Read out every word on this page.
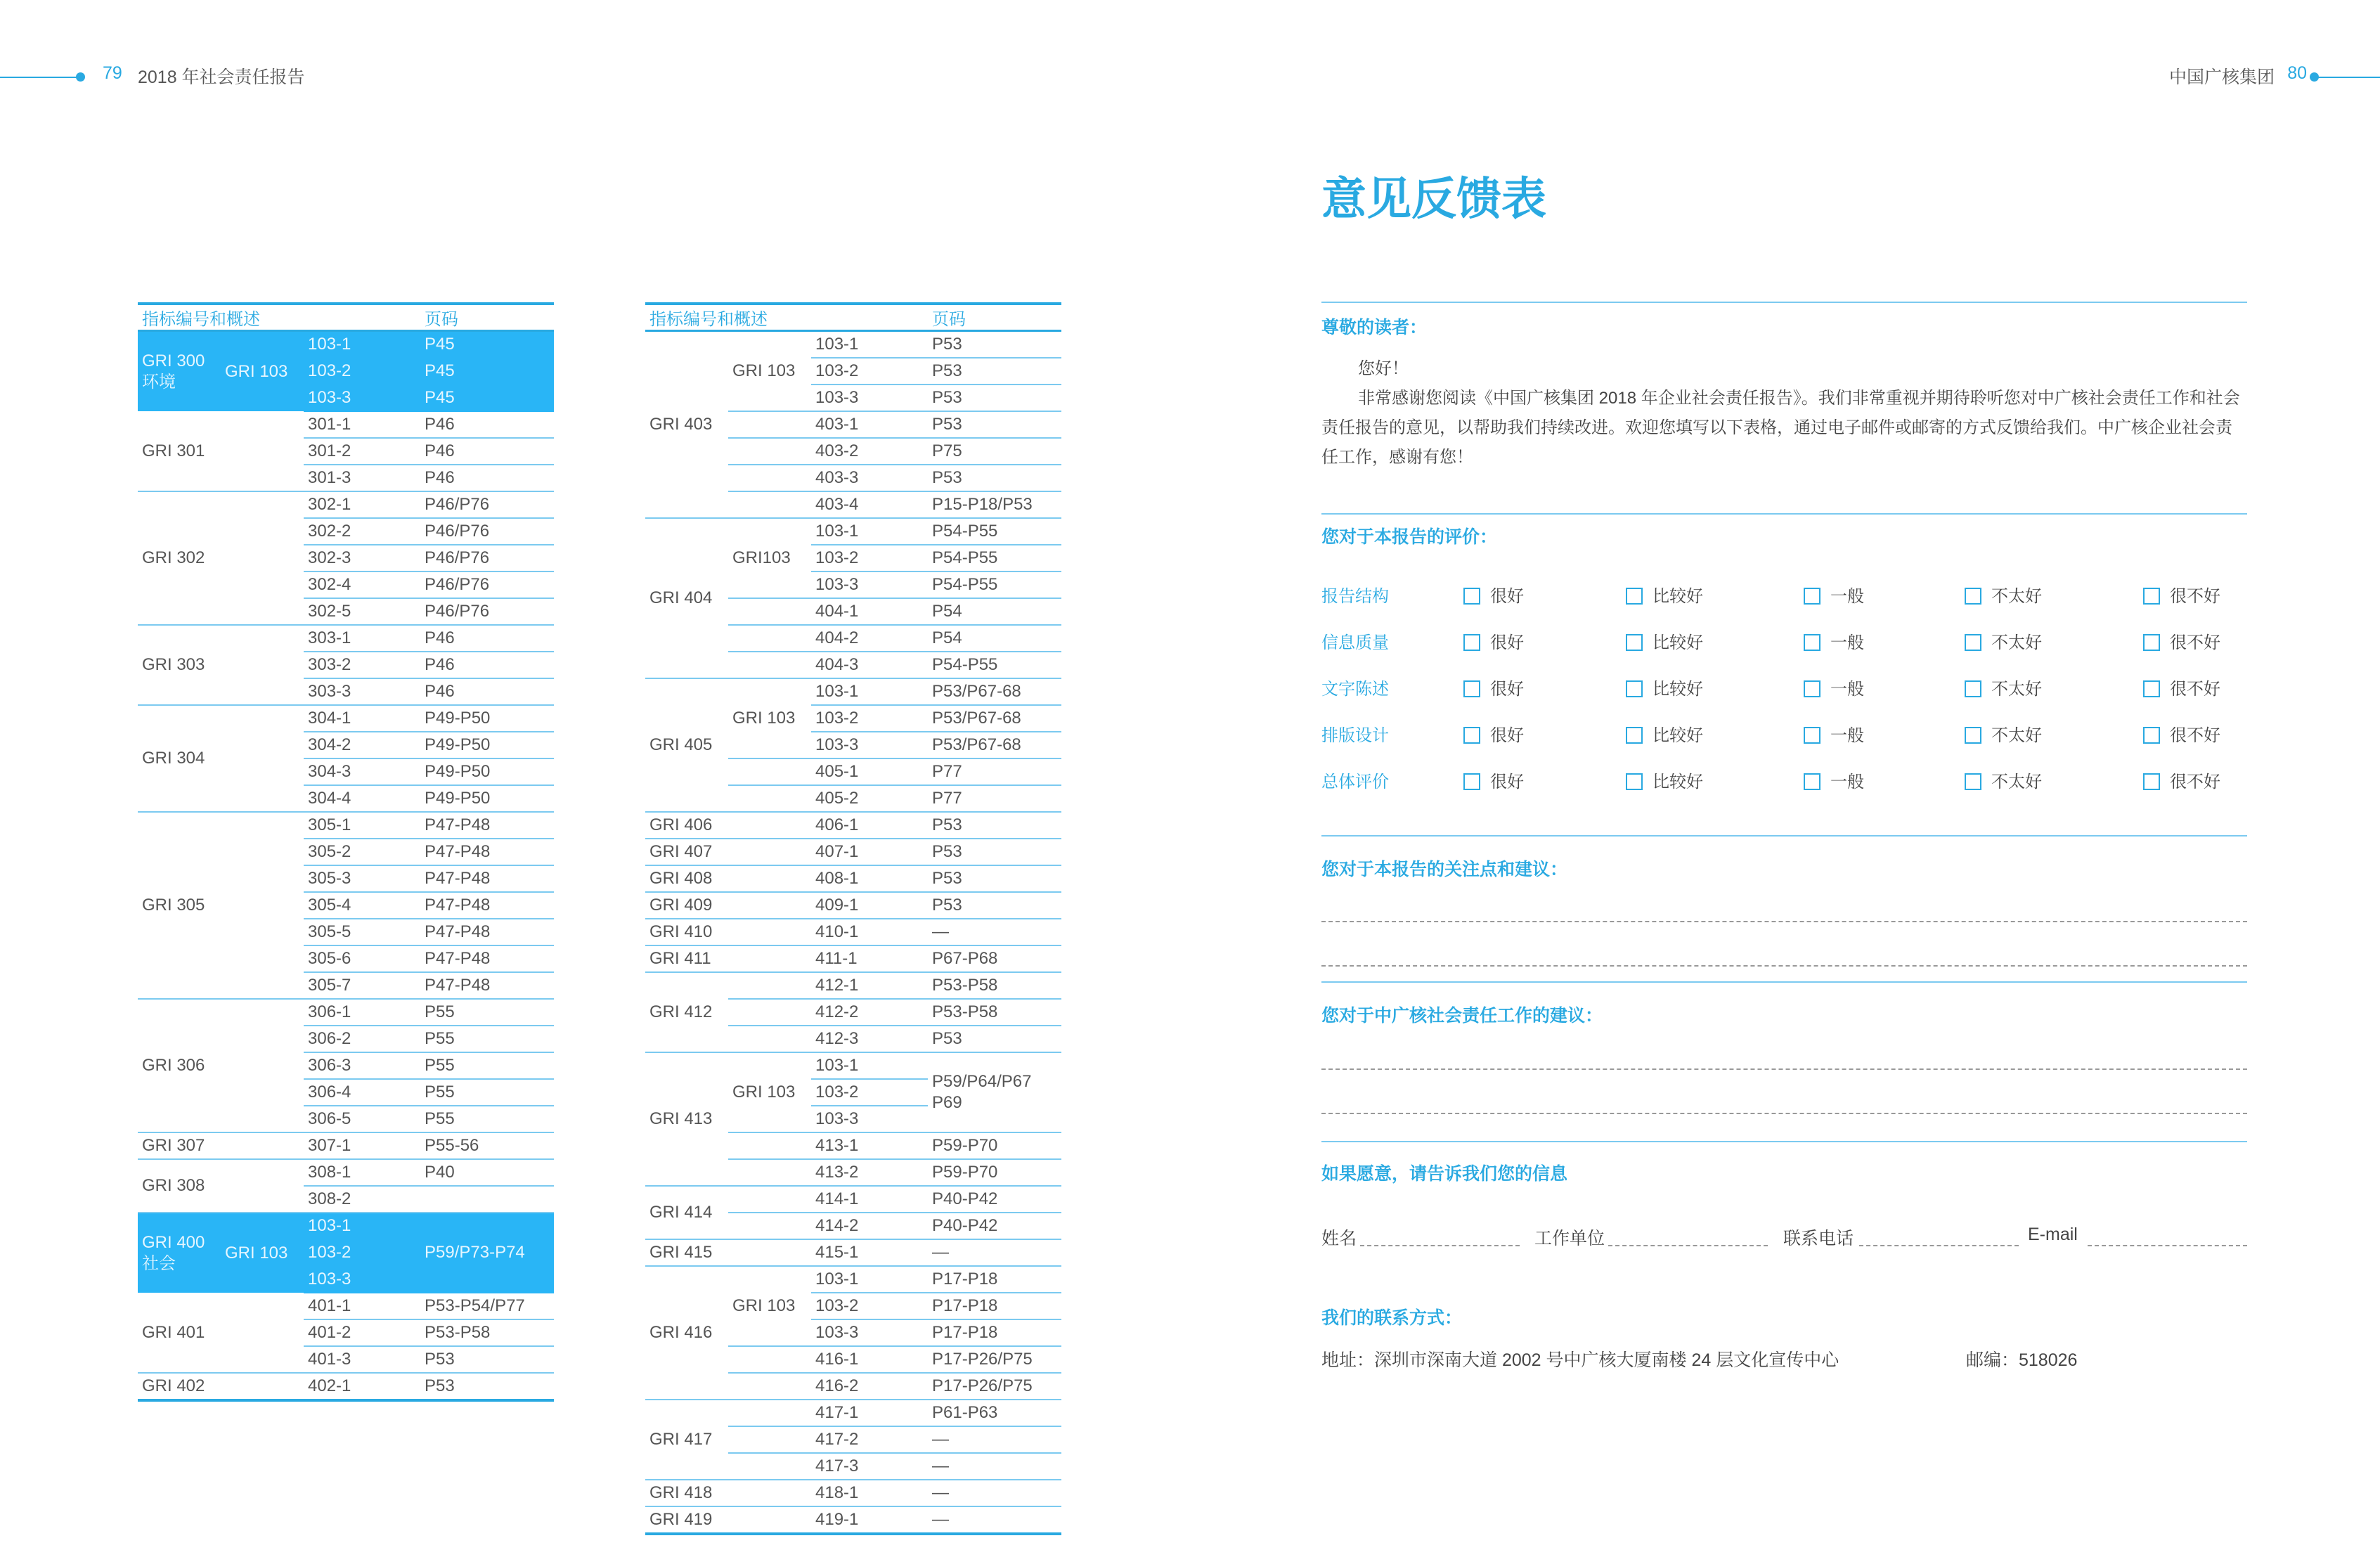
79 2018 年社会责任报告	中国广核集团 80
指标编号和概述			页码
GRI 300
环境	GRI 103	103-1	P45
		103-2	P45
		103-3	P45
GRI 301		301-1	P46
		301-2	P46
		301-3	P46
GRI 302		302-1	P46/P76
		302-2	P46/P76
		302-3	P46/P76
		302-4	P46/P76
		302-5	P46/P76
GRI 303		303-1	P46
		303-2	P46
		303-3	P46
GRI 304		304-1	P49-P50
		304-2	P49-P50
		304-3	P49-P50
		304-4	P49-P50
GRI 305		305-1	P47-P48
		305-2	P47-P48
		305-3	P47-P48
		305-4	P47-P48
		305-5	P47-P48
		305-6	P47-P48
		305-7	P47-P48
GRI 306		306-1	P55
		306-2	P55
		306-3	P55
		306-4	P55
		306-5	P55
GRI 307		307-1	P55-56
GRI 308		308-1	P40
		308-2	
GRI 400
社会	GRI 103	103-1	P59/P73-P74
		103-2	
		103-3	
GRI 401		401-1	P53-P54/P77
		401-2	P53-P58
		401-3	P53
GRI 402		402-1	P53
指标编号和概述			页码
GRI 403	GRI 103	103-1	P53
		103-2	P53
		103-3	P53
		403-1	P53
		403-2	P75
		403-3	P53
		403-4	P15-P18/P53
GRI 404	GRI103	103-1	P54-P55
		103-2	P54-P55
		103-3	P54-P55
		404-1	P54
		404-2	P54
		404-3	P54-P55
GRI 405	GRI 103	103-1	P53/P67-68
		103-2	P53/P67-68
		103-3	P53/P67-68
		405-1	P77
		405-2	P77
GRI 406		406-1	P53
GRI 407		407-1	P53
GRI 408		408-1	P53
GRI 409		409-1	P53
GRI 410		410-1	—
GRI 411		411-1	P67-P68
GRI 412		412-1	P53-P58
		412-2	P53-P58
		412-3	P53
GRI 413	GRI 103	103-1	P59/P64/P67
P69
		103-2	
		103-3	
		413-1	P59-P70
		413-2	P59-P70
GRI 414		414-1	P40-P42
		414-2	P40-P42
GRI 415		415-1	—
GRI 416	GRI 103	103-1	P17-P18
		103-2	P17-P18
		103-3	P17-P18
		416-1	P17-P26/P75
		416-2	P17-P26/P75
GRI 417		417-1	P61-P63
		417-2	—
		417-3	—
GRI 418		418-1	—
GRI 419		419-1	—
意见反馈表
尊敬的读者：
您好！
非常感谢您阅读《中国广核集团 2018 年企业社会责任报告》。我们非常重视并期待聆听您对中广核社会责任工作和社会责任报告的意见，以帮助我们持续改进。欢迎您填写以下表格，通过电子邮件或邮寄的方式反馈给我们。中广核企业社会责任工作，感谢有您！
您对于本报告的评价：
报告结构	很好	比较好	一般	不太好	很不好
信息质量	很好	比较好	一般	不太好	很不好
文字陈述	很好	比较好	一般	不太好	很不好
排版设计	很好	比较好	一般	不太好	很不好
总体评价	很好	比较好	一般	不太好	很不好
您对于本报告的关注点和建议：
您对于中广核社会责任工作的建议：
如果愿意，请告诉我们您的信息
姓名	工作单位	联系电话	E-mail
我们的联系方式：
地址：深圳市深南大道 2002 号中广核大厦南楼 24 层文化宣传中心	邮编：518026
